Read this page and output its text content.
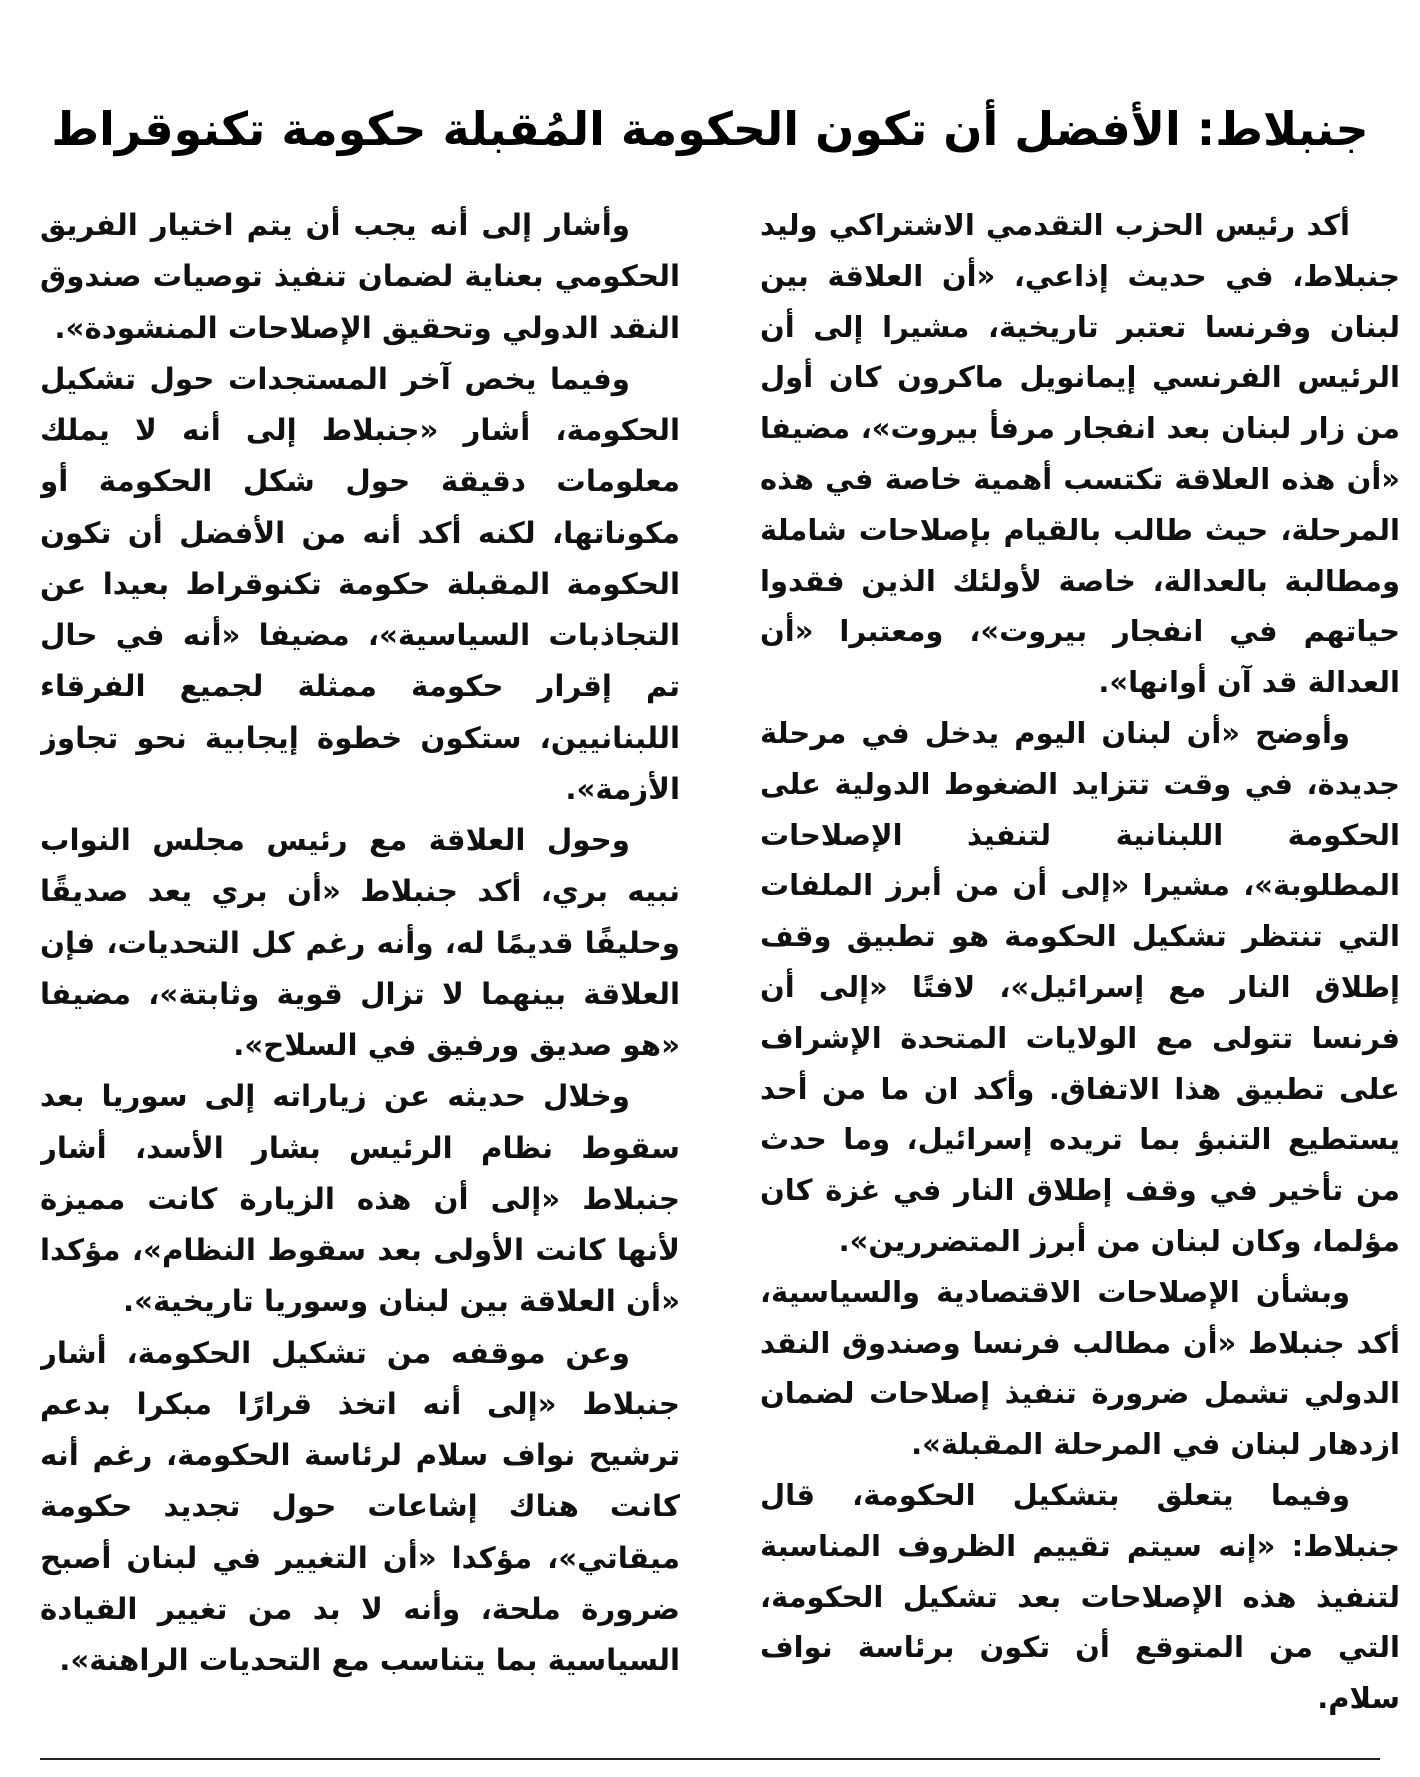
جنبلاط: الأفضل أن تكون الحكومة المُقبلة حكومة تكنوقراط

أكد رئيس الحزب التقدمي الاشتراكي وليد جنبلاط، في حديث إذاعي، «أن العلاقة بين لبنان وفرنسا تعتبر تاريخية، مشيرا إلى أن الرئيس الفرنسي إيمانويل ماكرون كان أول من زار لبنان بعد انفجار مرفأ بيروت»، مضيفا «أن هذه العلاقة تكتسب أهمية خاصة في هذه المرحلة، حيث طالب بالقيام بإصلاحات شاملة ومطالبة بالعدالة، خاصة لأولئك الذين فقدوا حياتهم في انفجار بيروت»، ومعتبرا «أن العدالة قد آن أوانها».

وأوضح «أن لبنان اليوم يدخل في مرحلة جديدة، في وقت تتزايد الضغوط الدولية على الحكومة اللبنانية لتنفيذ الإصلاحات المطلوبة»، مشيرا «إلى أن من أبرز الملفات التي تنتظر تشكيل الحكومة هو تطبيق وقف إطلاق النار مع إسرائيل»، لافتًا «إلى أن فرنسا تتولى مع الولايات المتحدة الإشراف على تطبيق هذا الاتفاق. وأكد ان ما من أحد يستطيع التنبؤ بما تريده إسرائيل، وما حدث من تأخير في وقف إطلاق النار في غزة كان مؤلما، وكان لبنان من أبرز المتضررين».

وبشأن الإصلاحات الاقتصادية والسياسية، أكد جنبلاط «أن مطالب فرنسا وصندوق النقد الدولي تشمل ضرورة تنفيذ إصلاحات لضمان ازدهار لبنان في المرحلة المقبلة».

وفيما يتعلق بتشكيل الحكومة، قال جنبلاط: «إنه سيتم تقييم الظروف المناسبة لتنفيذ هذه الإصلاحات بعد تشكيل الحكومة، التي من المتوقع أن تكون برئاسة نواف سلام.

وأشار إلى أنه يجب أن يتم اختيار الفريق الحكومي بعناية لضمان تنفيذ توصيات صندوق النقد الدولي وتحقيق الإصلاحات المنشودة».

وفيما يخص آخر المستجدات حول تشكيل الحكومة، أشار «جنبلاط إلى أنه لا يملك معلومات دقيقة حول شكل الحكومة أو مكوناتها، لكنه أكد أنه من الأفضل أن تكون الحكومة المقبلة حكومة تكنوقراط بعيدا عن التجاذبات السياسية»، مضيفا «أنه في حال تم إقرار حكومة ممثلة لجميع الفرقاء اللبنانيين، ستكون خطوة إيجابية نحو تجاوز الأزمة».

وحول العلاقة مع رئيس مجلس النواب نبيه بري، أكد جنبلاط «أن بري يعد صديقًا وحليفًا قديمًا له، وأنه رغم كل التحديات، فإن العلاقة بينهما لا تزال قوية وثابتة»، مضيفا «هو صديق ورفيق في السلاح».

وخلال حديثه عن زياراته إلى سوريا بعد سقوط نظام الرئيس بشار الأسد، أشار جنبلاط «إلى أن هذه الزيارة كانت مميزة لأنها كانت الأولى بعد سقوط النظام»، مؤكدا «أن العلاقة بين لبنان وسوريا تاريخية».

وعن موقفه من تشكيل الحكومة، أشار جنبلاط «إلى أنه اتخذ قرارًا مبكرا بدعم ترشيح نواف سلام لرئاسة الحكومة، رغم أنه كانت هناك إشاعات حول تجديد حكومة ميقاتي»، مؤكدا «أن التغيير في لبنان أصبح ضرورة ملحة، وأنه لا بد من تغيير القيادة السياسية بما يتناسب مع التحديات الراهنة».
